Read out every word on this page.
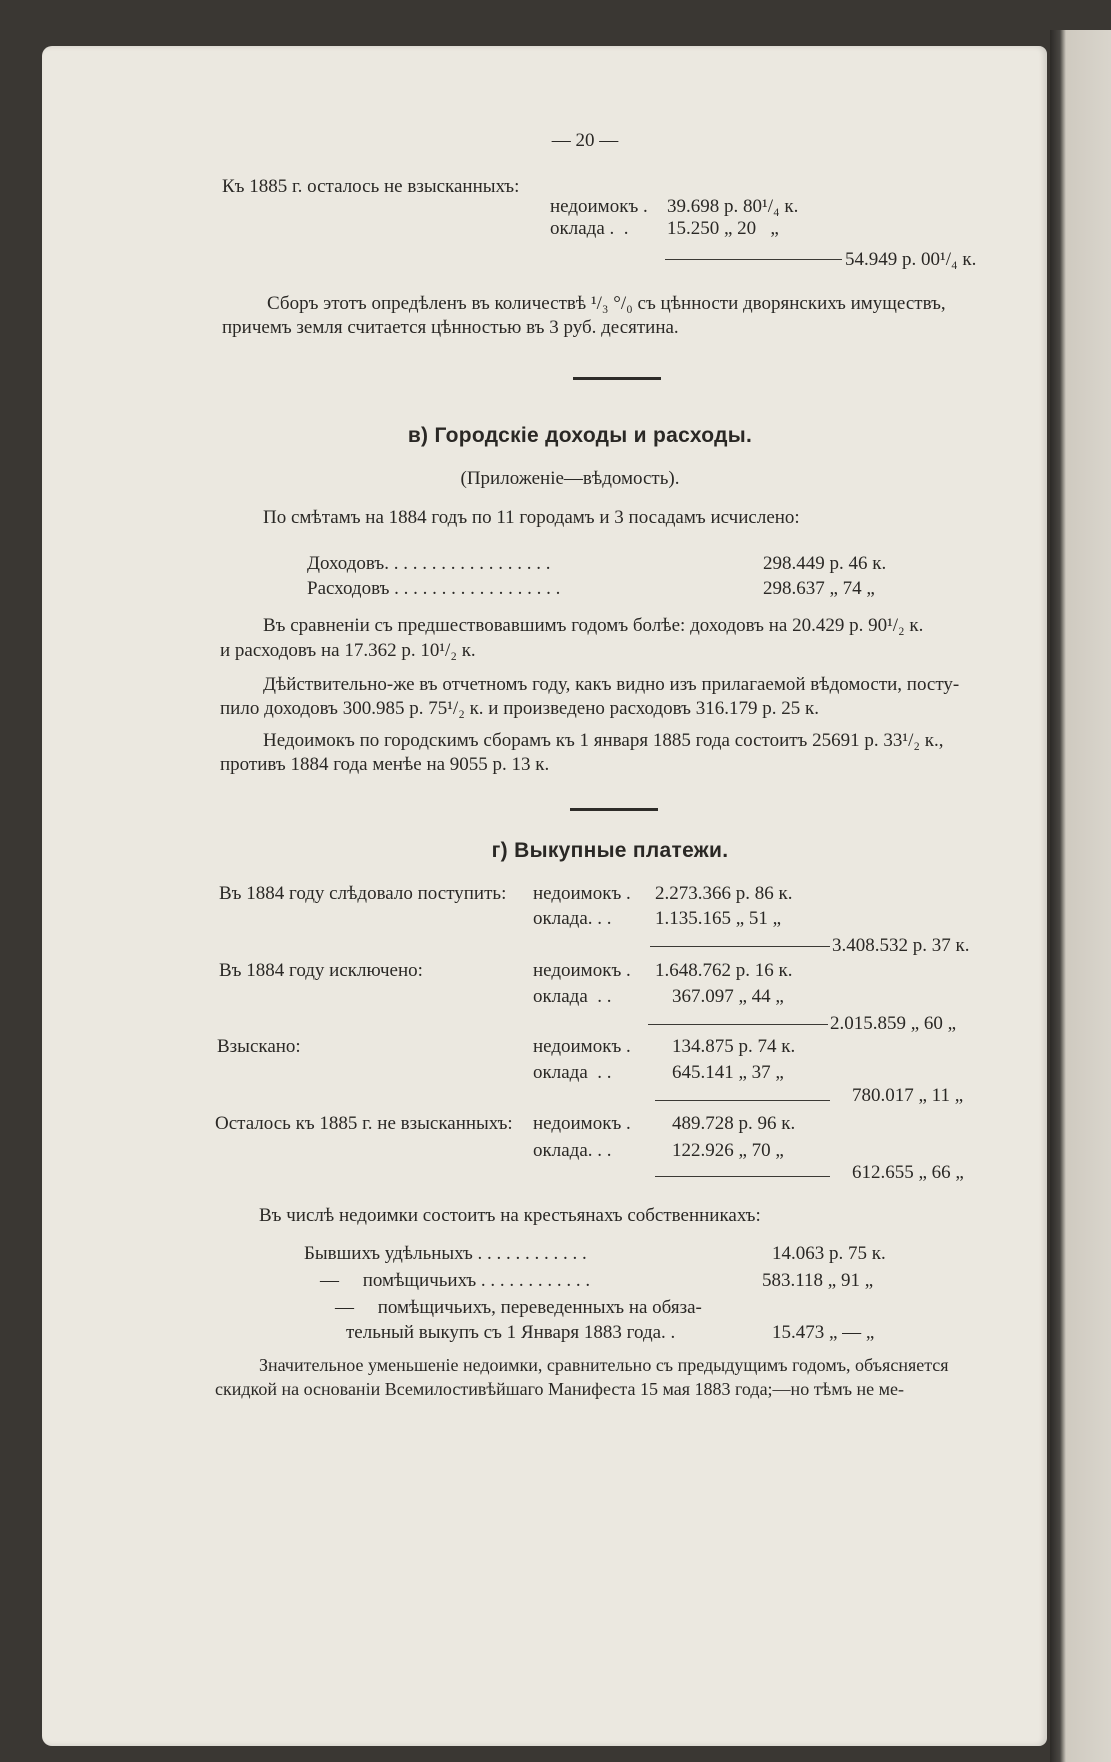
— 20 —
Къ 1885 г. осталось не взысканныхъ:
недоимокъ . 39.698 р. 80¹/₄ к.
оклада .  . 15.250 „ 20   „
54.949 р. 00¹/₄ к.
Сборъ этотъ опредѣленъ въ количествѣ ¹/₃ °/₀ съ цѣнности дворянскихъ имуществъ,
причемъ земля считается цѣнностью въ 3 руб. десятина.
в) Городскіе доходы и расходы.
(Приложеніе—вѣдомость).
По смѣтамъ на 1884 годъ по 11 городамъ и 3 посадамъ исчислено:
Доходовъ. . . . . . . . . . . . . . . . . .	298.449 р. 46 к.
Расходовъ . . . . . . . . . . . . . . . . . .	298.637 „ 74 „
Въ сравненіи съ предшествовавшимъ годомъ болѣе: доходовъ на 20.429 р. 90¹/₂ к.
и расходовъ на 17.362 р. 10¹/₂ к.
Дѣйствительно-же въ отчетномъ году, какъ видно изъ прилагаемой вѣдомости, посту-
пило доходовъ 300.985 р. 75¹/₂ к. и произведено расходовъ 316.179 р. 25 к.
Недоимокъ по городскимъ сборамъ къ 1 января 1885 года состоитъ 25691 р. 33¹/₂ к.,
противъ 1884 года менѣе на 9055 р. 13 к.
г) Выкупные платежи.
Въ 1884 году слѣдовало поступить: недоимокъ . 2.273.366 р. 86 к.
оклада. . . 1.135.165 „ 51 „
3.408.532 р. 37 к.
Въ 1884 году исключено:	недоимокъ . 1.648.762 р. 16 к.
оклада  . .	367.097 „ 44 „
2.015.859 „ 60 „
Взыскано:	недоимокъ . 134.875 р. 74 к.
оклада  . .	645.141 „ 37 „
780.017 „ 11 „
Осталось къ 1885 г. не взысканныхъ: недоимокъ . 489.728 р. 96 к.
оклада. . .	122.926 „ 70 „
612.655 „ 66 „
Въ числѣ недоимки состоитъ на крестьянахъ собственникахъ:
Бывшихъ удѣльныхъ . . . . . . . . . . . .	14.063 р. 75 к.
—     помѣщичьихъ . . . . . . . . . . . .	583.118 „ 91 „
—     помѣщичьихъ, переведенныхъ на обяза-
тельный выкупъ съ 1 Января 1883 года. .	15.473 „ — „
Значительное уменьшеніе недоимки, сравнительно съ предыдущимъ годомъ, объясняется
скидкой на основаніи Всемилостивѣйшаго Манифеста 15 мая 1883 года;—но тѣмъ не ме-
